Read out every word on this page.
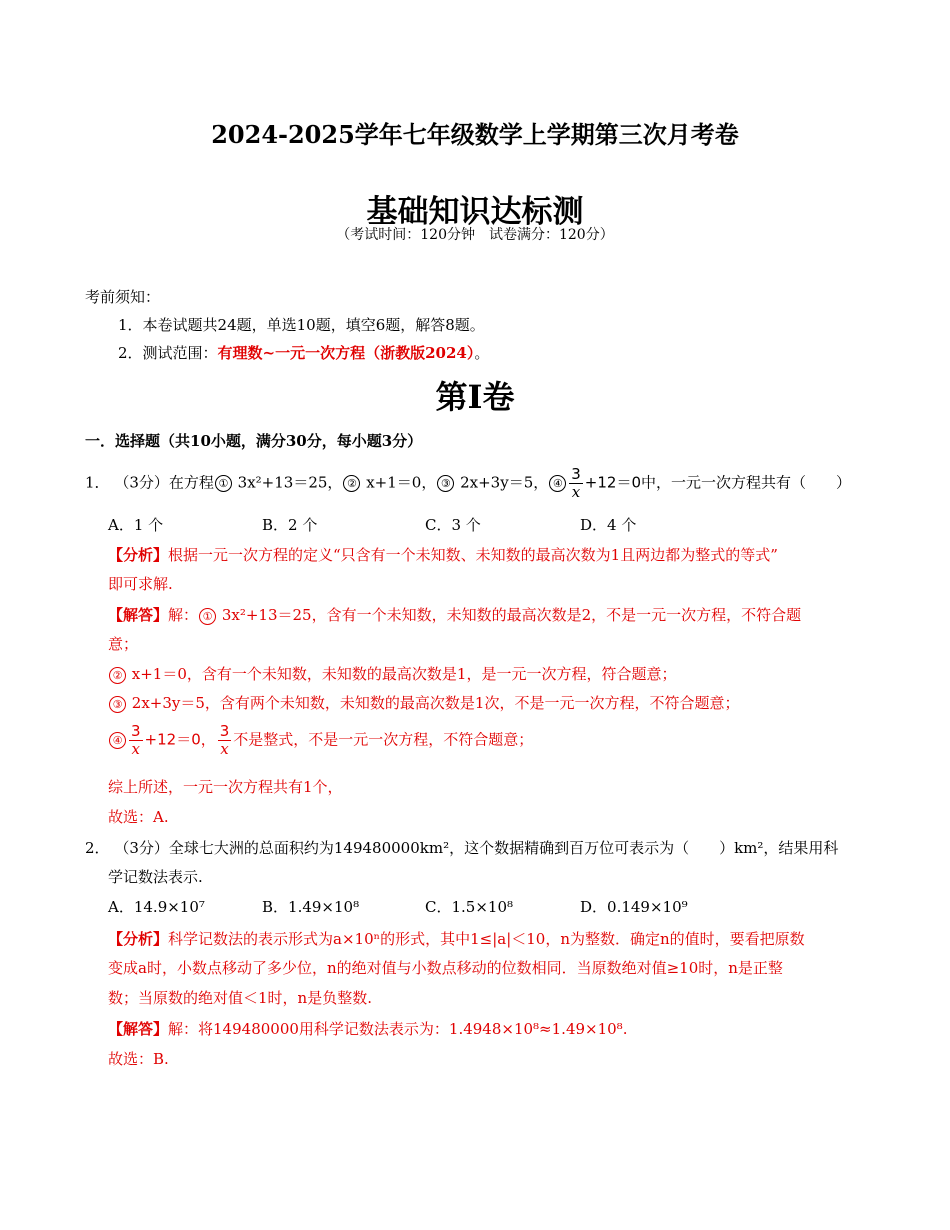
2024-2025学年七年级数学上学期第三次月考卷
基础知识达标测
（考试时间：120分钟　试卷满分：120分）
考前须知：
1．本卷试题共24题，单选10题，填空6题，解答8题。
2．测试范围：有理数~一元一次方程（浙教版2024）。
第Ⅰ卷
一．选择题（共10小题，满分30分，每小题3分）
1． （3分）在方程 ① 3x²+13＝25， ② x+1＝0， ③ 2x+3y＝5， ④ $\frac{3}{x} +12=0$中，一元一次方程共有（　　）
A．1 个	B．2 个	C．3 个	D．4 个
【分析】根据一元一次方程的定义“只含有一个未知数、未知数的最高次数为1且两边都为整式的等式”
即可求解.
【解答】解： ① 3x²+13＝25，含有一个未知数，未知数的最高次数是2，不是一元一次方程，不符合题
意；
② x+1＝0，含有一个未知数，未知数的最高次数是1，是一元一次方程，符合题意；
③ 2x+3y＝5，含有两个未知数，未知数的最高次数是1次，不是一元一次方程，不符合题意；
④ $\frac{3}{x} +12=0$， $\frac{3}{x}$ 不是整式，不是一元一次方程，不符合题意；
综上所述，一元一次方程共有1个，
故选：A.
2． （3分）全球七大洲的总面积约为149480000km²，这个数据精确到百万位可表示为（　　）km²，结果用科
学记数法表示.
A．14.9×10⁷	B．1.49×10⁸	C．1.5×10⁸	D．0.149×10⁹
【分析】科学记数法的表示形式为a×10ⁿ的形式，其中1≤|a|＜10，n为整数．确定n的值时，要看把原数
变成a时，小数点移动了多少位，n的绝对值与小数点移动的位数相同．当原数绝对值≥10时，n是正整
数；当原数的绝对值＜1时，n是负整数.
【解答】解：将149480000用科学记数法表示为：1.4948×10⁸≈1.49×10⁸.
故选：B.
